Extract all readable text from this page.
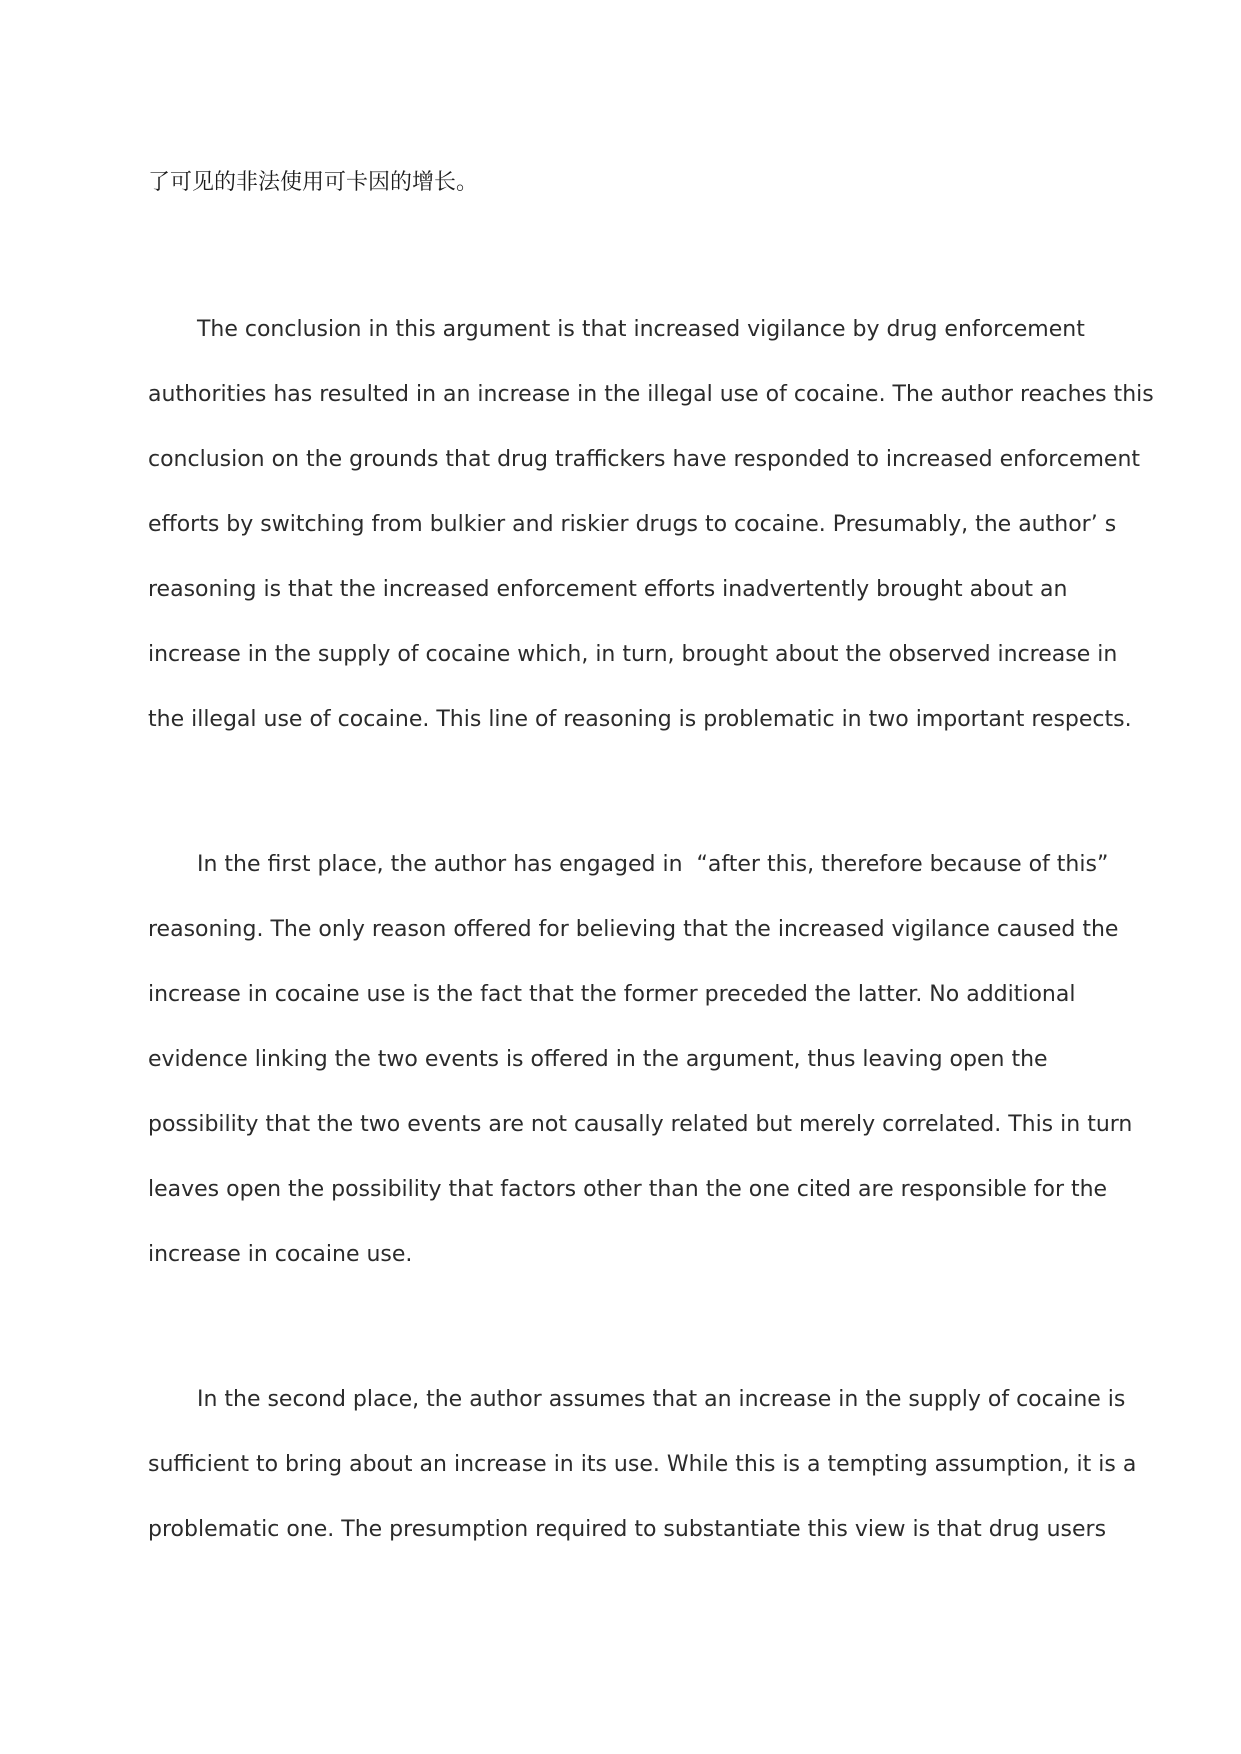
了可见的非法使用可卡因的增长。

The conclusion in this argument is that increased vigilance by drug enforcement

authorities has resulted in an increase in the illegal use of cocaine. The author reaches this

conclusion on the grounds that drug traffickers have responded to increased enforcement

efforts by switching from bulkier and riskier drugs to cocaine. Presumably, the author’ s

reasoning is that the increased enforcement efforts inadvertently brought about an

increase in the supply of cocaine which, in turn, brought about the observed increase in

the illegal use of cocaine. This line of reasoning is problematic in two important respects.

In the first place, the author has engaged in  “after this, therefore because of this”

reasoning. The only reason offered for believing that the increased vigilance caused the

increase in cocaine use is the fact that the former preceded the latter. No additional

evidence linking the two events is offered in the argument, thus leaving open the

possibility that the two events are not causally related but merely correlated. This in turn

leaves open the possibility that factors other than the one cited are responsible for the

increase in cocaine use.

In the second place, the author assumes that an increase in the supply of cocaine is

sufficient to bring about an increase in its use. While this is a tempting assumption, it is a

problematic one. The presumption required to substantiate this view is that drug users
